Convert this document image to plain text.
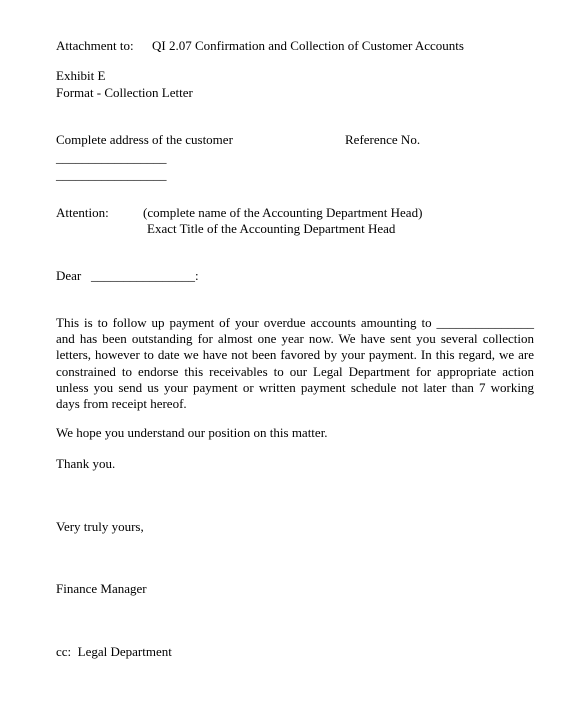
Attachment to: QI 2.07 Confirmation and Collection of Customer Accounts
Exhibit E
Format - Collection Letter
Complete address of the customer	Reference No.
_________________
_________________
Attention:	(complete name of the Accounting Department Head)
Exact Title of the Accounting Department Head
Dear ________________:
This is to follow up payment of your overdue accounts amounting to _______________ and has been outstanding for almost one year now. We have sent you several collection letters, however to date we have not been favored by your payment. In this regard, we are constrained to endorse this receivables to our Legal Department for appropriate action unless you send us your payment or written payment schedule not later than 7 working days from receipt hereof.
We hope you understand our position on this matter.
Thank you.
Very truly yours,
Finance Manager
cc:  Legal Department
